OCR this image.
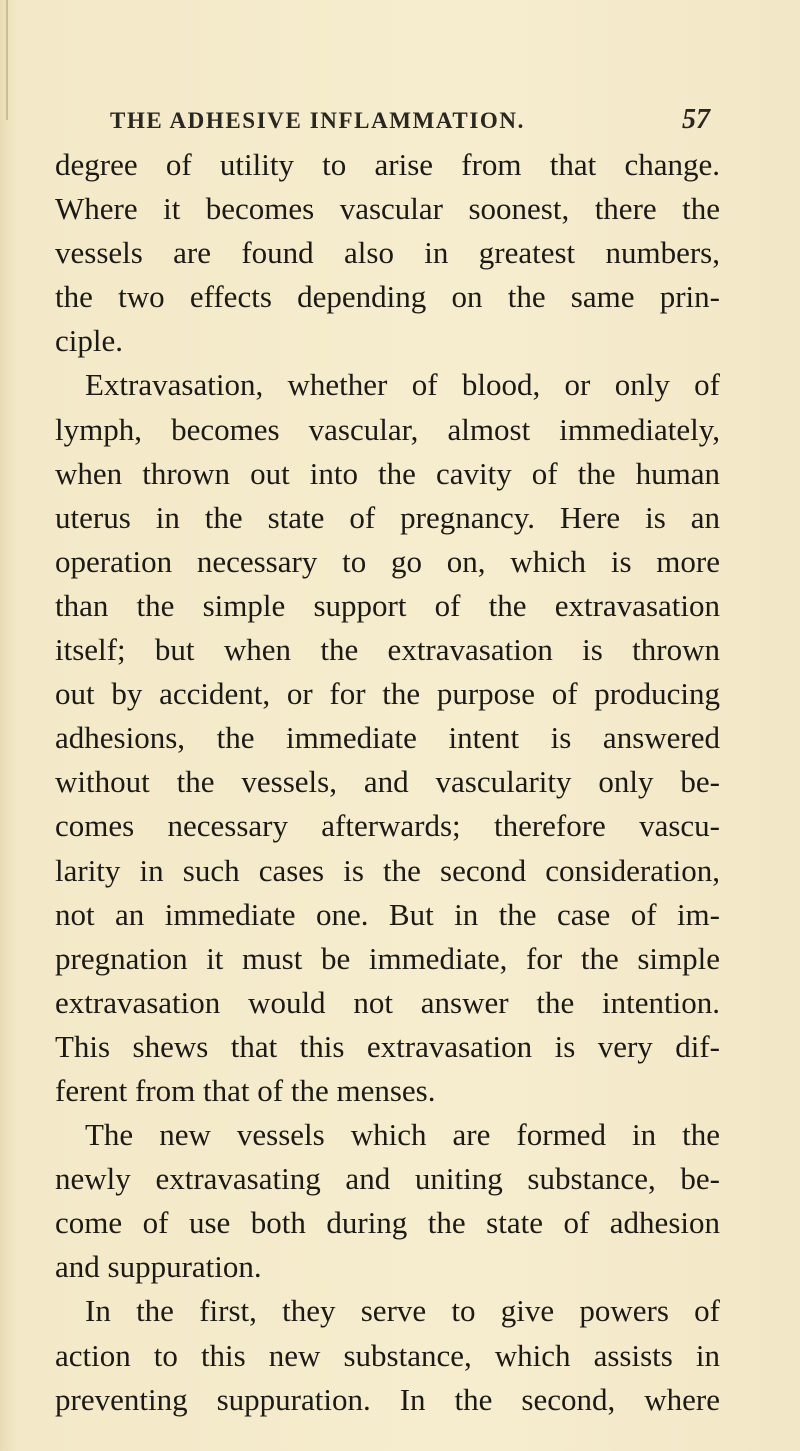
THE ADHESIVE INFLAMMATION.	57
degree of utility to arise from that change.
Where it becomes vascular soonest, there the
vessels are found also in greatest numbers,
the two effects depending on the same prin-
ciple.
Extravasation, whether of blood, or only of
lymph, becomes vascular, almost immediately,
when thrown out into the cavity of the human
uterus in the state of pregnancy. Here is an
operation necessary to go on, which is more
than the simple support of the extravasation
itself; but when the extravasation is thrown
out by accident, or for the purpose of producing
adhesions, the immediate intent is answered
without the vessels, and vascularity only be-
comes necessary afterwards; therefore vascu-
larity in such cases is the second consideration,
not an immediate one. But in the case of im-
pregnation it must be immediate, for the simple
extravasation would not answer the intention.
This shews that this extravasation is very dif-
ferent from that of the menses.
The new vessels which are formed in the
newly extravasating and uniting substance, be-
come of use both during the state of adhesion
and suppuration.
In the first, they serve to give powers of
action to this new substance, which assists in
preventing suppuration. In the second, where
